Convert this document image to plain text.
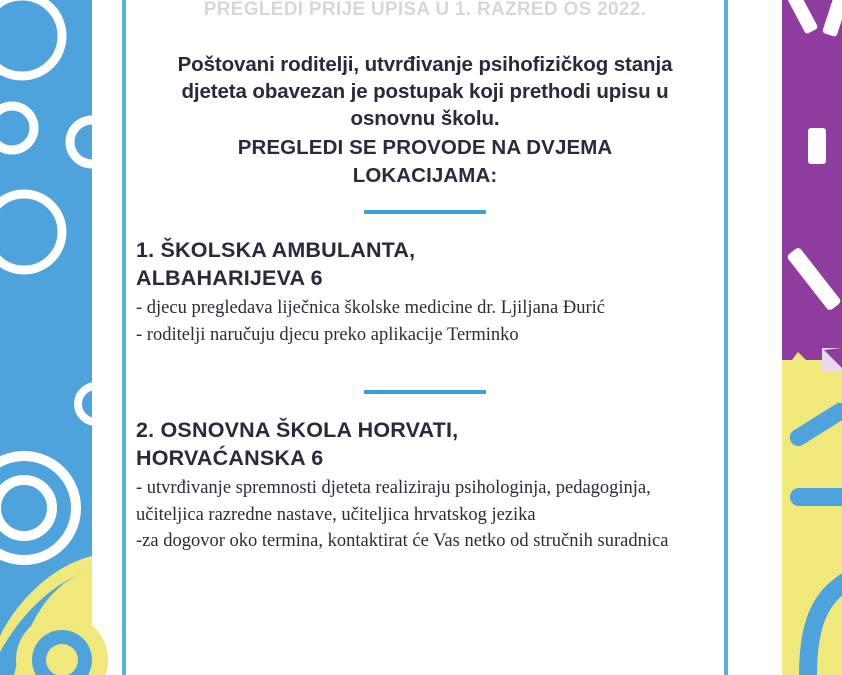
PREGLEDI PRIJE UPISA U 1. RAZRED OŠ 2022.
Poštovani roditelji, utvrđivanje psihofizičkog stanja
djeteta obavezan je postupak koji prethodi upisu u
osnovnu školu.
PREGLEDI SE PROVODE NA DVJEMA
LOKACIJAMA:
1. ŠKOLSKA AMBULANTA,
ALBAHARIJEVA 6
- djecu pregledava liječnica školske medicine dr. Ljiljana Đurić
- roditelji naručuju djecu preko aplikacije Terminko
2. OSNOVNA ŠKOLA HORVATI,
HORVAĆANSKA 6
- utvrđivanje spremnosti djeteta realiziraju psihologinja, pedagoginja, učiteljica razredne nastave, učiteljica hrvatskog jezika
-za dogovor oko termina, kontaktirat će Vas netko od stručnih suradnica
